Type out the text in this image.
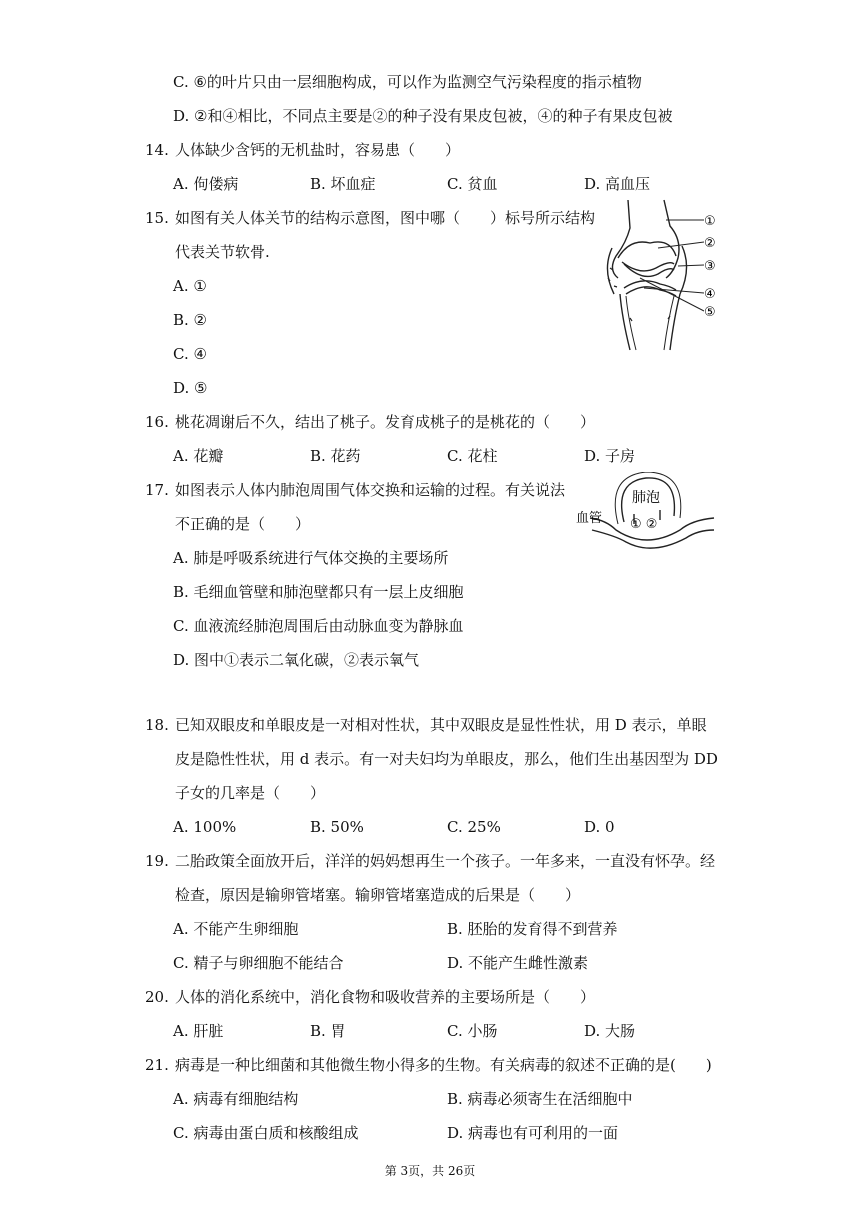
C. ⑥的叶片只由一层细胞构成，可以作为监测空气污染程度的指示植物
D. ②和④相比，不同点主要是②的种子没有果皮包被，④的种子有果皮包被
14. 人体缺少含钙的无机盐时，容易患（　　）
A. 佝偻病	B. 坏血症	C. 贫血	D. 高血压
15. 如图有关人体关节的结构示意图，图中哪（　　）标号所示结构
代表关节软骨.
A. ①
B. ②
C. ④
D. ⑤
①
②
③
④
⑤
16. 桃花凋谢后不久，结出了桃子。发育成桃子的是桃花的（　　）
A. 花瓣	B. 花药	C. 花柱	D. 子房
17. 如图表示人体内肺泡周围气体交换和运输的过程。有关说法
不正确的是（　　）
A. 肺是呼吸系统进行气体交换的主要场所
B. 毛细血管壁和肺泡壁都只有一层上皮细胞
C. 血液流经肺泡周围后由动脉血变为静脉血
D. 图中①表示二氧化碳，②表示氧气
肺泡
血管 ① ②
18. 已知双眼皮和单眼皮是一对相对性状，其中双眼皮是显性性状，用 D 表示，单眼
皮是隐性性状，用 d 表示。有一对夫妇均为单眼皮，那么，他们生出基因型为 DD
子女的几率是（　　）
A. 100%	B. 50%	C. 25%	D. 0
19. 二胎政策全面放开后，洋洋的妈妈想再生一个孩子。一年多来，一直没有怀孕。经
检查，原因是输卵管堵塞。输卵管堵塞造成的后果是（　　）
A. 不能产生卵细胞	B. 胚胎的发育得不到营养
C. 精子与卵细胞不能结合	D. 不能产生雌性激素
20. 人体的消化系统中，消化食物和吸收营养的主要场所是（　　）
A. 肝脏	B. 胃	C. 小肠	D. 大肠
21. 病毒是一种比细菌和其他微生物小得多的生物。有关病毒的叙述不正确的是(　　)
A. 病毒有细胞结构	B. 病毒必须寄生在活细胞中
C. 病毒由蛋白质和核酸组成	D. 病毒也有可利用的一面
第 3页，共 26页
